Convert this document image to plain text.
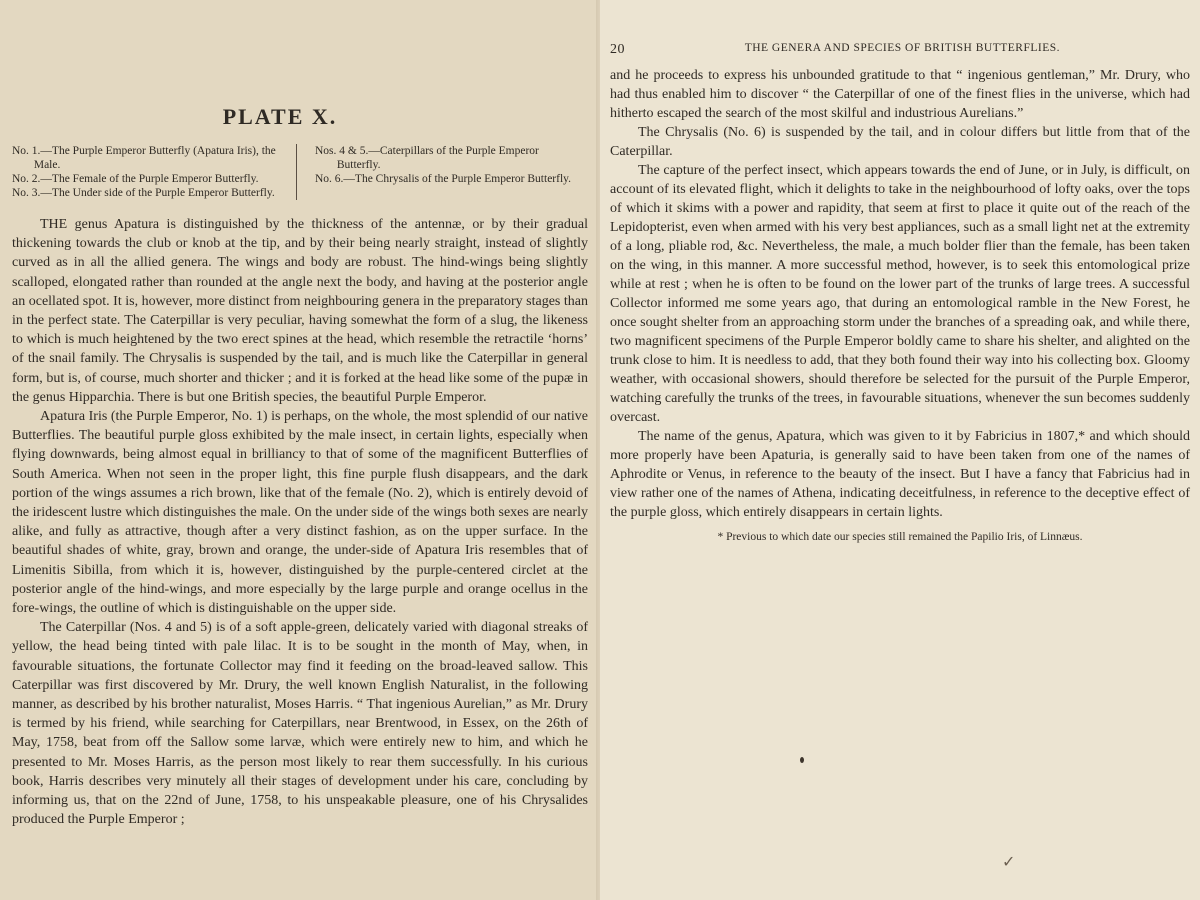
PLATE X.

No. 1.—The Purple Emperor Butterfly (Apatura Iris), the Male.

No. 2.—The Female of the Purple Emperor Butterfly.

No. 3.—The Under side of the Purple Emperor Butterfly.

Nos. 4 & 5.—Caterpillars of the Purple Emperor Butterfly.

No. 6.—The Chrysalis of the Purple Emperor Butterfly.

THE genus Apatura is distinguished by the thickness of the antennæ, or by their gradual thickening towards the club or knob at the tip, and by their being nearly straight, instead of slightly curved as in all the allied genera. The wings and body are robust. The hind-wings being slightly scalloped, elongated rather than rounded at the angle next the body, and having at the posterior angle an ocellated spot. It is, however, more distinct from neighbouring genera in the preparatory stages than in the perfect state. The Caterpillar is very peculiar, having somewhat the form of a slug, the likeness to which is much heightened by the two erect spines at the head, which resemble the retractile ‘horns’ of the snail family. The Chrysalis is suspended by the tail, and is much like the Caterpillar in general form, but is, of course, much shorter and thicker ; and it is forked at the head like some of the pupæ in the genus Hipparchia. There is but one British species, the beautiful Purple Emperor.

Apatura Iris (the Purple Emperor, No. 1) is perhaps, on the whole, the most splendid of our native Butterflies. The beautiful purple gloss exhibited by the male insect, in certain lights, especially when flying downwards, being almost equal in brilliancy to that of some of the magnificent Butterflies of South America. When not seen in the proper light, this fine purple flush disappears, and the dark portion of the wings assumes a rich brown, like that of the female (No. 2), which is entirely devoid of the iridescent lustre which distinguishes the male. On the under side of the wings both sexes are nearly alike, and fully as attractive, though after a very distinct fashion, as on the upper surface. In the beautiful shades of white, gray, brown and orange, the under-side of Apatura Iris resembles that of Limenitis Sibilla, from which it is, however, distinguished by the purple-centered circlet at the posterior angle of the hind-wings, and more especially by the large purple and orange ocellus in the fore-wings, the outline of which is distinguishable on the upper side.

The Caterpillar (Nos. 4 and 5) is of a soft apple-green, delicately varied with diagonal streaks of yellow, the head being tinted with pale lilac. It is to be sought in the month of May, when, in favourable situations, the fortunate Collector may find it feeding on the broad-leaved sallow. This Caterpillar was first discovered by Mr. Drury, the well known English Naturalist, in the following manner, as described by his brother naturalist, Moses Harris. “ That ingenious Aurelian,” as Mr. Drury is termed by his friend, while searching for Caterpillars, near Brentwood, in Essex, on the 26th of May, 1758, beat from off the Sallow some larvæ, which were entirely new to him, and which he presented to Mr. Moses Harris, as the person most likely to rear them successfully. In his curious book, Harris describes very minutely all their stages of development under his care, concluding by informing us, that on the 22nd of June, 1758, to his unspeakable pleasure, one of his Chrysalides produced the Purple Emperor ;

20	THE GENERA AND SPECIES OF BRITISH BUTTERFLIES.

and he proceeds to express his unbounded gratitude to that “ ingenious gentleman,” Mr. Drury, who had thus enabled him to discover “ the Caterpillar of one of the finest flies in the universe, which had hitherto escaped the search of the most skilful and industrious Aurelians.”

The Chrysalis (No. 6) is suspended by the tail, and in colour differs but little from that of the Caterpillar.

The capture of the perfect insect, which appears towards the end of June, or in July, is difficult, on account of its elevated flight, which it delights to take in the neighbourhood of lofty oaks, over the tops of which it skims with a power and rapidity, that seem at first to place it quite out of the reach of the Lepidopterist, even when armed with his very best appliances, such as a small light net at the extremity of a long, pliable rod, &c. Nevertheless, the male, a much bolder flier than the female, has been taken on the wing, in this manner. A more successful method, however, is to seek this entomological prize while at rest ; when he is often to be found on the lower part of the trunks of large trees. A successful Collector informed me some years ago, that during an entomological ramble in the New Forest, he once sought shelter from an approaching storm under the branches of a spreading oak, and while there, two magnificent specimens of the Purple Emperor boldly came to share his shelter, and alighted on the trunk close to him. It is needless to add, that they both found their way into his collecting box. Gloomy weather, with occasional showers, should therefore be selected for the pursuit of the Purple Emperor, watching carefully the trunks of the trees, in favourable situations, whenever the sun becomes suddenly overcast.

The name of the genus, Apatura, which was given to it by Fabricius in 1807,* and which should more properly have been Apaturia, is generally said to have been taken from one of the names of Aphrodite or Venus, in reference to the beauty of the insect. But I have a fancy that Fabricius had in view rather one of the names of Athena, indicating deceitfulness, in reference to the deceptive effect of the purple gloss, which entirely disappears in certain lights.

* Previous to which date our species still remained the Papilio Iris, of Linnæus.
✓
